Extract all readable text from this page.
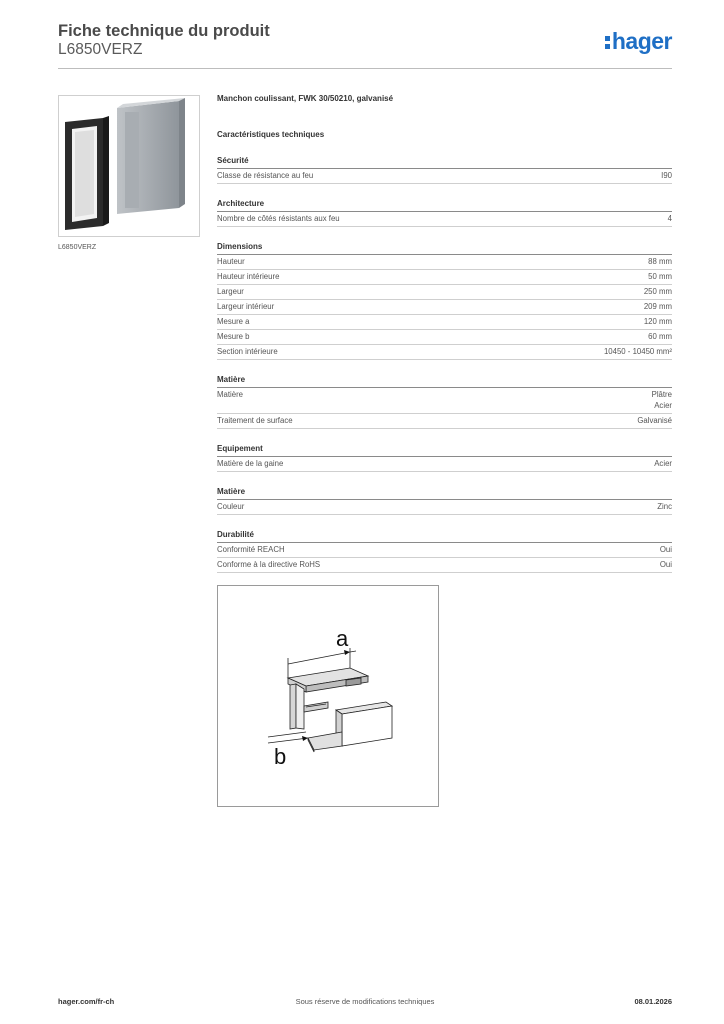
Fiche technique du produit
L6850VERZ	hager
L6850VERZ
Manchon coulissant, FWK 30/50210, galvanisé
Caractéristiques techniques
Sécurité
Classe de résistance au feu	I90
Architecture
Nombre de côtés résistants aux feu	4
Dimensions
Hauteur	88 mm
Hauteur intérieure	50 mm
Largeur	250 mm
Largeur intérieur	209 mm
Mesure a	120 mm
Mesure b	60 mm
Section intérieure	10450 - 10450 mm²
Matière
Matière	Plâtre
Acier
Traitement de surface	Galvanisé
Equipement
Matière de la gaine	Acier
Matière
Couleur	Zinc
Durabilité
Conformité REACH	Oui
Conforme à la directive RoHS	Oui
a
b
hager.com/fr-ch	Sous réserve de modifications techniques	08.01.2026
